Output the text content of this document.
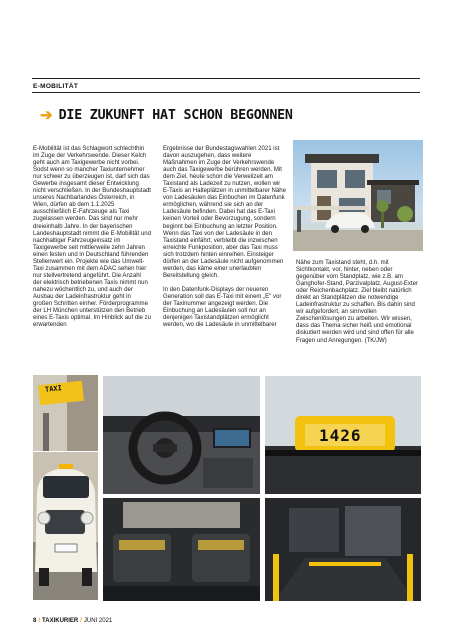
E-MOBILITÄT
➔ DIE ZUKUNFT HAT SCHON BEGONNEN

E-Mobilität ist das Schlagwort schlechthin im Zuge der Verkehrswende. Dieser Kelch geht auch am Taxigewerbe nicht vorbei. Sodst wenn so mancher Taxiunternehmer nur schwer zu überzeugen ist, darf sich das Gewerbe insgesamt dieser Entwicklung nicht verschließen. In der Bundeshauptstadt unseres Nachbarlandes Österreich, in Wien, dürfen ab dem 1.1.2025 ausschließlich E-Fahrzeuge als Taxi zugelassen werden. Das sind nur mehr dreieinhalb Jahre. In der bayerischen Landeshauptstadt nimmt die E-Mobilität und nachhaltiger Fahrzeugeinsatz im Taxigewerbe seit mittlerweile zehn Jahren einen festen und in Deutschland führenden Stellenwert ein. Projekte wie das Umwelt-Taxi zusammen mit dem ADAC sehen hier nur stellvertretend angeführt. Die Anzahl der elektrisch betriebenen Taxis nimmt nun nahezu wöchentlich zu, und auch der Ausbau der Ladeinfrastruktur geht in großen Schritten einher. Förderprogramme der LH München unterstützen den Betrieb eines E-Taxis optimal. Im Hinblick auf die zu erwartenden

Ergebnisse der Bundestagswahlen 2021 ist davon auszugehen, dass weitere Maßnahmen im Zuge der Verkehrswende auch das Taxigewerbe berühren werden. Mit dem Ziel, heute schon die Verweilzeit am Taxistand als Ladezeit zu nutzen, wollen wir E-Taxis an Halteplätzen in unmittelbarer Nähe von Ladesäulen das Einbuchen im Datenfunk ermöglichen, während sie sich an der Ladesäule befinden. Dabei hat das E-Taxi keinen Vorteil oder Bevorzugung, sondern beginnt bei Einbuchung an letzter Position. Wenn das Taxi von der Ladesäule in den Taxistand einfährt, verbleibt die inzwischen erreichte Funkposition, aber das Taxi muss sich trotzdem hinten einreihen. Einsteiger dürfen an der Ladesäule nicht aufgenommen werden, das käme einer unerlaubten Bereitstellung gleich.

In den Datenfunk-Displays der neueren Generation soll das E-Taxi mit einem „E" vor der Taxinummer angezeigt werden. Die Einbuchung an Ladesäulen soll nur an denjenigen Taxistandplätzen ermöglicht werden, wo die Ladesäule in unmittelbarer

Nähe zum Taxistand steht, d.h. mit Sichtkontakt, vor, hinter, neben oder gegenüber vom Standplatz, wie z.B. am Ganghofer-Stand, Parzivalplatz, August-Exter oder Reichenbachplatz. Ziel bleibt natürlich direkt an Standplätzen die notwendige Ladeinfrastruktur zu schaffen. Bis dahin sind wir aufgefordert, an sinnvollen Zwischenlösungen zu arbeiten. Wir wissen, dass das Thema sicher heiß und emotional diskutiert werden wird und sind offen für alle Fragen und Anregungen. (TK/JW)

TAXI
1426
8 / TAXIKURIER / JUNI 2021
